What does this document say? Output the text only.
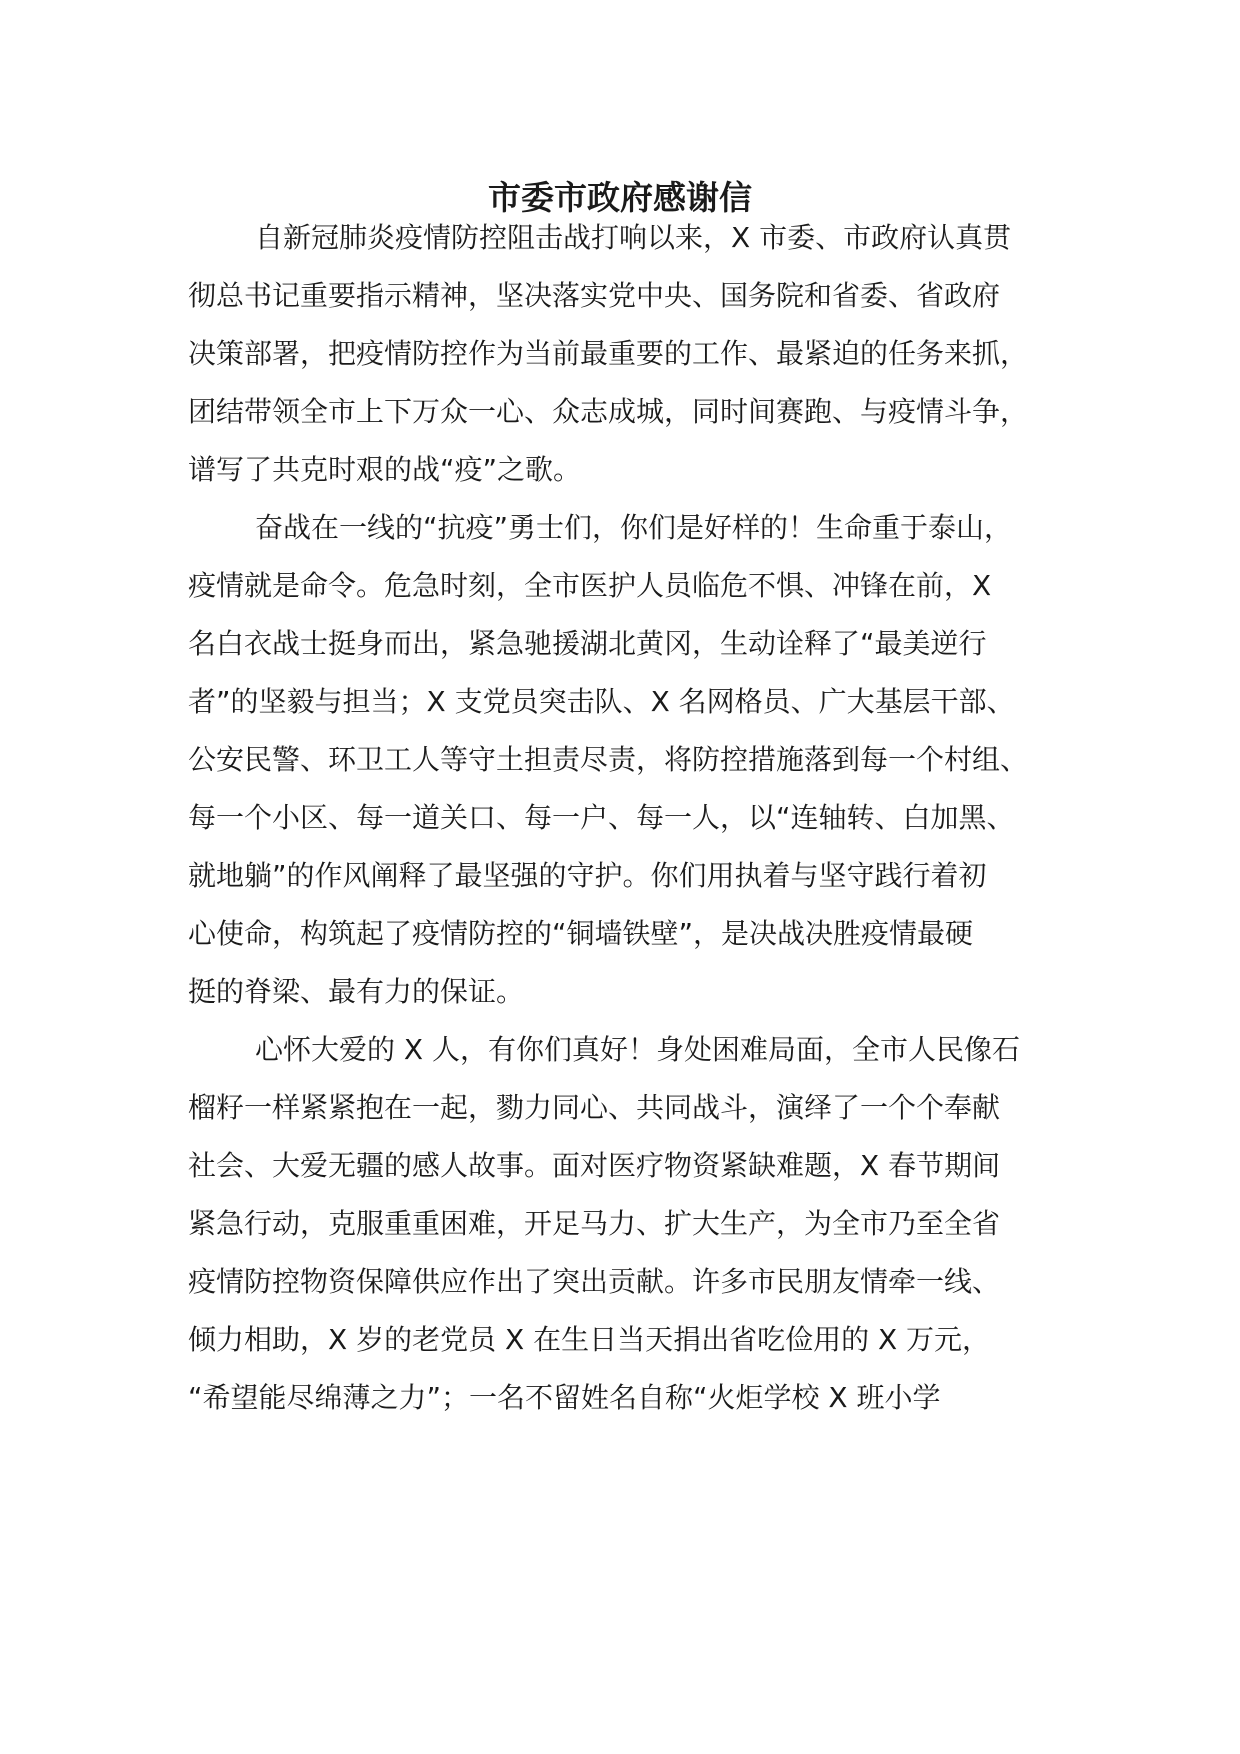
市委市政府感谢信

自新冠肺炎疫情防控阻击战打响以来，X 市委、市政府认真贯

彻总书记重要指示精神，坚决落实党中央、国务院和省委、省政府

决策部署，把疫情防控作为当前最重要的工作、最紧迫的任务来抓，

团结带领全市上下万众一心、众志成城，同时间赛跑、与疫情斗争，

谱写了共克时艰的战“疫”之歌。

奋战在一线的“抗疫”勇士们，你们是好样的！生命重于泰山，

疫情就是命令。危急时刻，全市医护人员临危不惧、冲锋在前，X

名白衣战士挺身而出，紧急驰援湖北黄冈，生动诠释了“最美逆行

者”的坚毅与担当；X 支党员突击队、X 名网格员、广大基层干部、

公安民警、环卫工人等守土担责尽责，将防控措施落到每一个村组、

每一个小区、每一道关口、每一户、每一人，以“连轴转、白加黑、

就地躺”的作风阐释了最坚强的守护。你们用执着与坚守践行着初

心使命，构筑起了疫情防控的“铜墙铁壁”，是决战决胜疫情最硬

挺的脊梁、最有力的保证。

心怀大爱的 X 人，有你们真好！身处困难局面，全市人民像石

榴籽一样紧紧抱在一起，勠力同心、共同战斗，演绎了一个个奉献

社会、大爱无疆的感人故事。面对医疗物资紧缺难题，X 春节期间

紧急行动，克服重重困难，开足马力、扩大生产，为全市乃至全省

疫情防控物资保障供应作出了突出贡献。许多市民朋友情牵一线、

倾力相助，X 岁的老党员 X 在生日当天捐出省吃俭用的 X 万元，

“希望能尽绵薄之力”；一名不留姓名自称“火炬学校 X 班小学
